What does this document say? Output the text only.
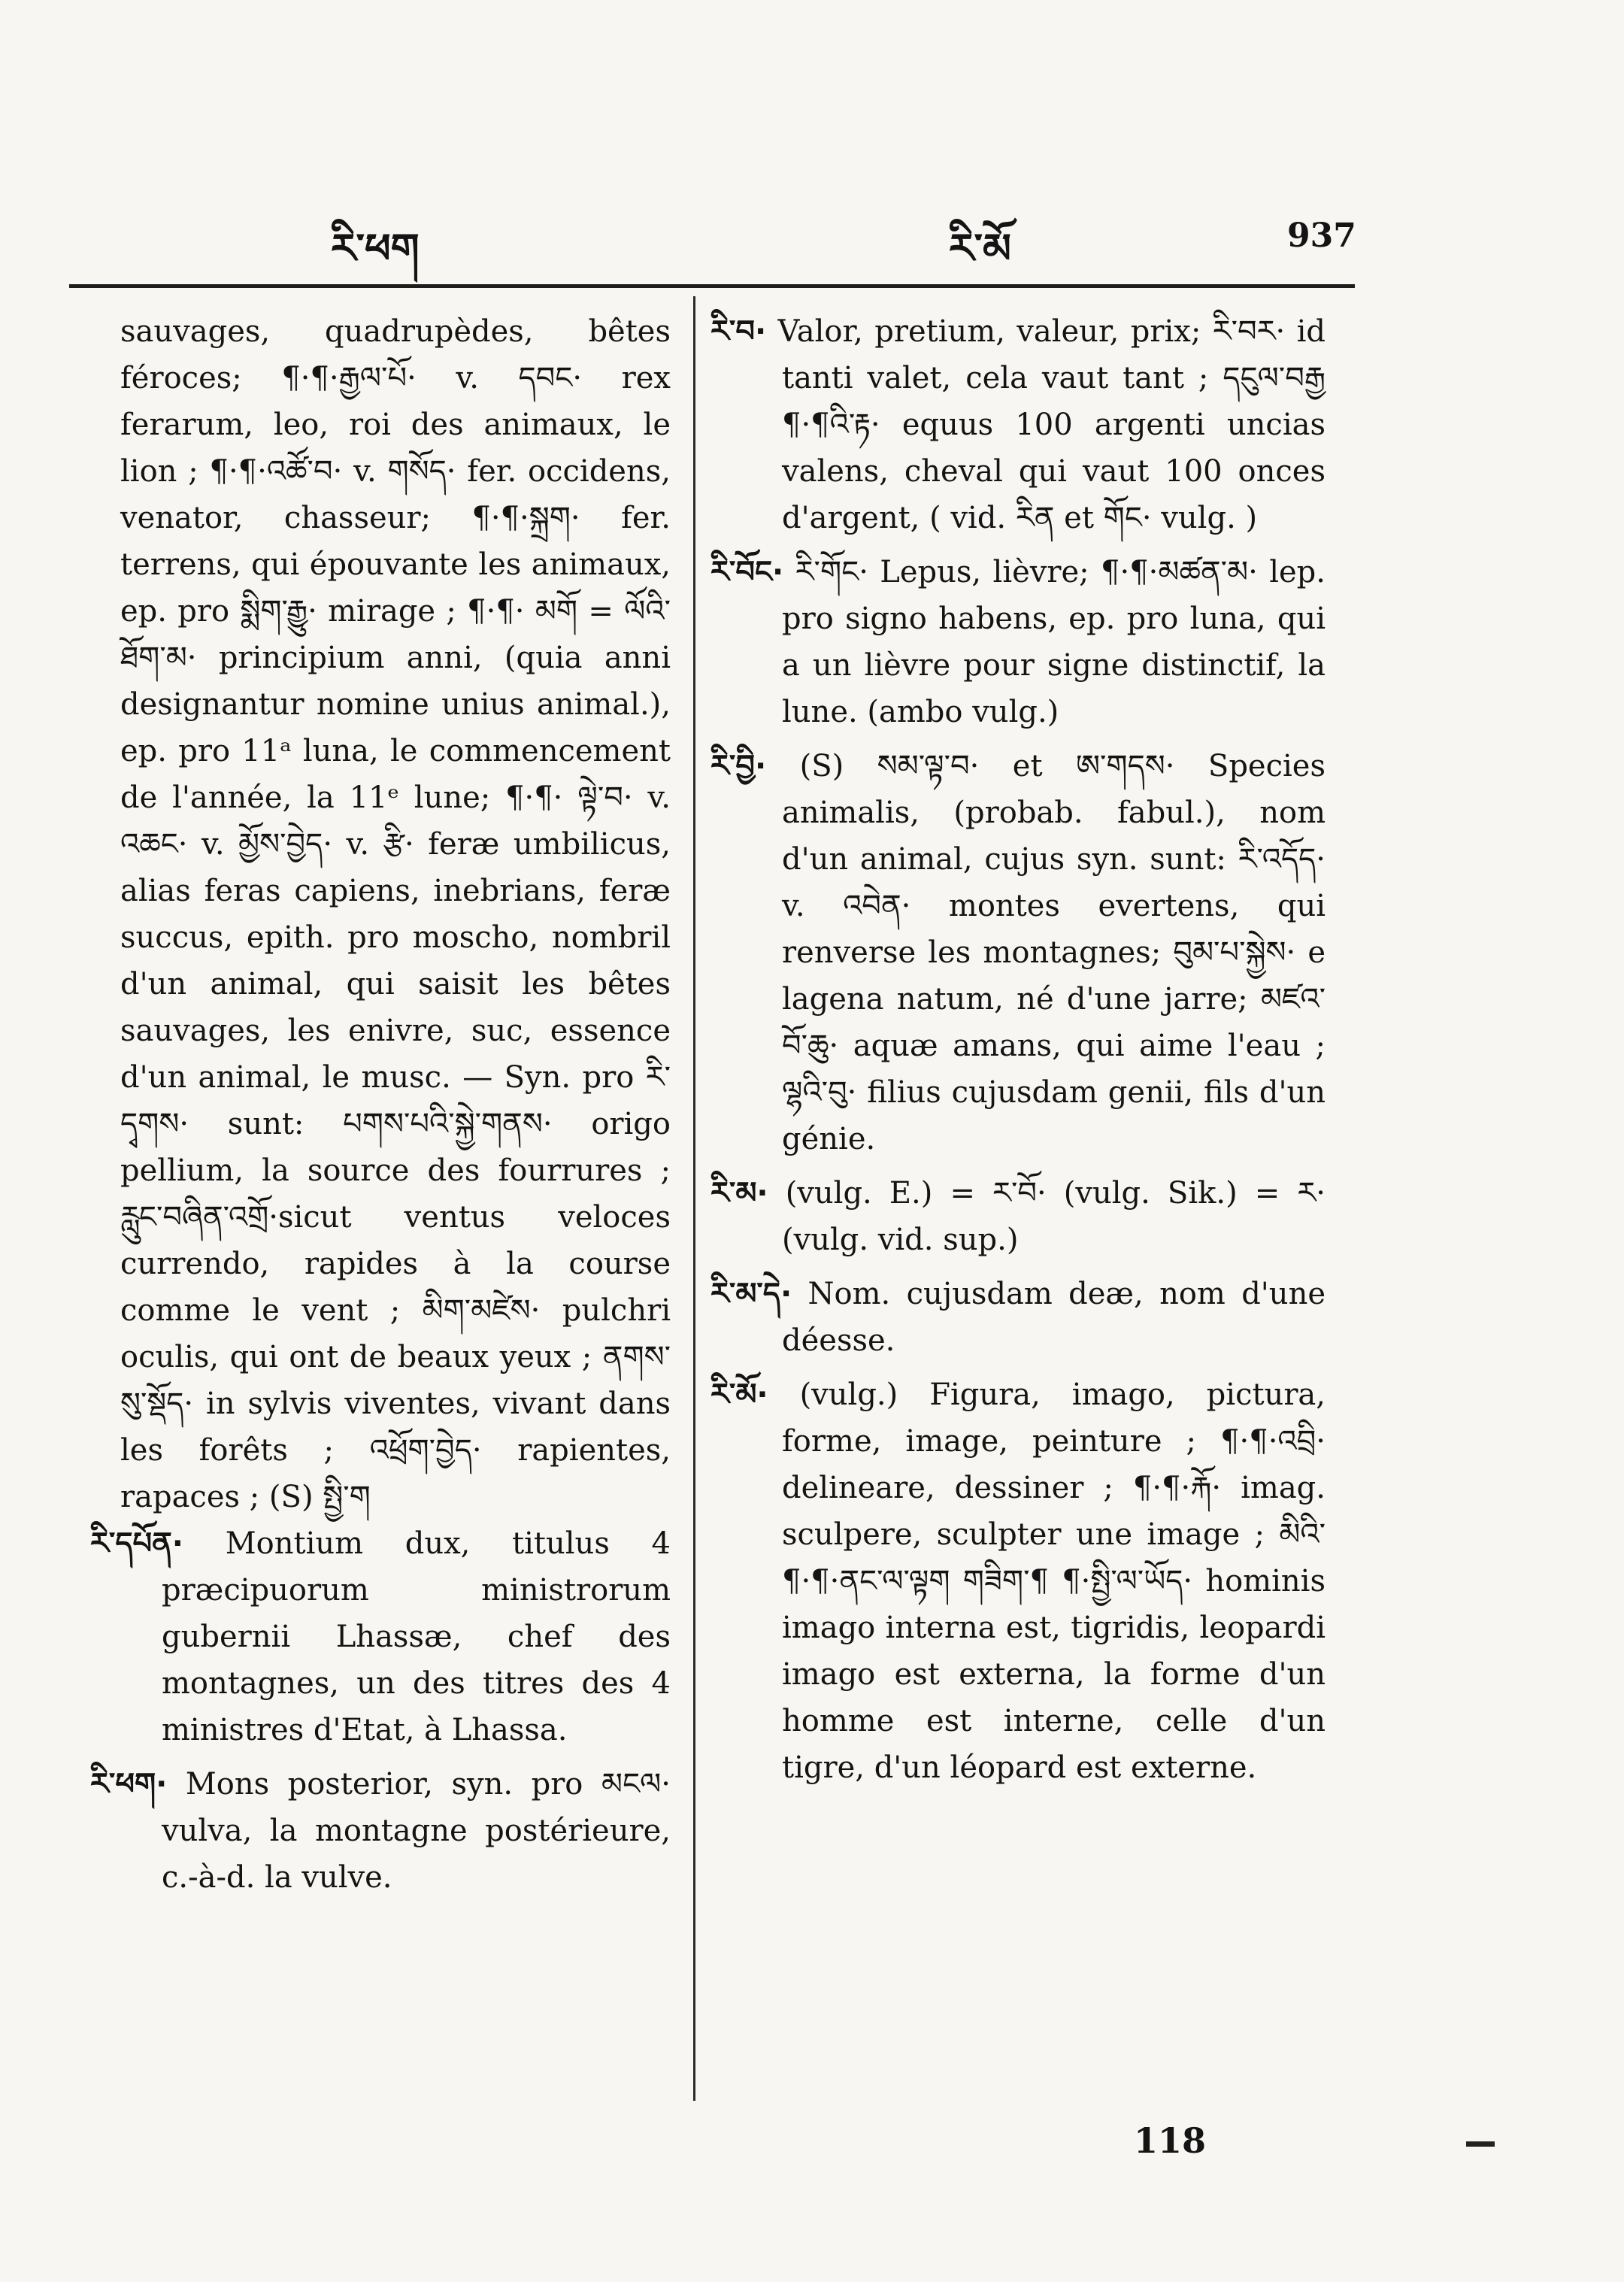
རི་ཕག	རི་མོ	937

sauvages, quadrupèdes, bêtes féroces; ¶·¶·རྒྱལ་པོ· v. དབང· rex ferarum, leo, roi des animaux, le lion ; ¶·¶·འཚོ་བ· v. གསོད· fer. occidens, venator, chasseur; ¶·¶·སྐྲག· fer. terrens, qui épouvante les animaux, ep. pro སྨིག་རྒྱུ· mirage ; ¶·¶· མགོ = ལོའི་ཐོག་མ· principium anni, (quia anni designantur nomine unius animal.), ep. pro 11ᵃ luna, le commencement de l'année, la 11ᵉ lune; ¶·¶· ལྟེ་བ· v. འཆང· v. མྱོས་བྱེད· v. རྩི· feræ umbilicus, alias feras capiens, inebrians, feræ succus, epith. pro moscho, nombril d'un animal, qui saisit les bêtes sauvages, les enivre, suc, essence d'un animal, le musc. — Syn. pro རི་དྭགས· sunt: པགས་པའི་སྐྱེ་གནས· origo pellium, la source des fourrures ; རླུང་བཞིན་འགྲོ·sicut ventus veloces currendo, rapides à la course comme le vent ; མིག་མཛེས· pulchri oculis, qui ont de beaux yeux ; ནགས་སུ་སྡོད· in sylvis viventes, vivant dans les forêts ; འཕྲོག་བྱེད· rapientes, rapaces ; (S) སྤྱི་ག

རི་དཔོན· Montium dux, titulus 4 præcipuorum ministrorum gubernii Lhassæ, chef des montagnes, un des titres des 4 ministres d'Etat, à Lhassa.

རི་ཕག· Mons posterior, syn. pro མངལ· vulva, la montagne postérieure, c.-à-d. la vulve.

རི་བ· Valor, pretium, valeur, prix; རི་བར· id tanti valet, cela vaut tant ; དངུལ་བརྒྱ ¶·¶འི་རྟ· equus 100 argenti uncias valens, cheval qui vaut 100 onces d'argent, ( vid. རིན et གོང· vulg. )

རི་བོང· རི་གོང· Lepus, lièvre; ¶·¶·མཚན་མ· lep. pro signo habens, ep. pro luna, qui a un lièvre pour signe distinctif, la lune. (ambo vulg.)

རི་བྱི· (S) སམ་ལྟ་བ· et ཨ་གདས· Species animalis, (probab. fabul.), nom d'un animal, cujus syn. sunt: རི་འདོད· v. འབེན· montes evertens, qui renverse les montagnes; བུམ་པ་སྐྱེས· e lagena natum, né d'une jarre; མཛའ་བོ་ཆུ· aquæ amans, qui aime l'eau ; ལྷའི་བུ· filius cujusdam genii, fils d'un génie.

རི་མ· (vulg. E.) = ར་བོ· (vulg. Sik.) = ར· (vulg. vid. sup.)

རི་མ་དེ· Nom. cujusdam deæ, nom d'une déesse.

རི་མོ· (vulg.) Figura, imago, pictura, forme, image, peinture ; ¶·¶·འབྲི· delineare, dessiner ; ¶·¶·རྐོ· imag. sculpere, sculpter une image ; མིའི་¶·¶·ནང་ལ་ལྟག གཟིག་¶ ¶·སྤྱི་ལ་ཡོད· hominis imago interna est, tigridis, leopardi imago est externa, la forme d'un homme est interne, celle d'un tigre, d'un léopard est externe.

118
